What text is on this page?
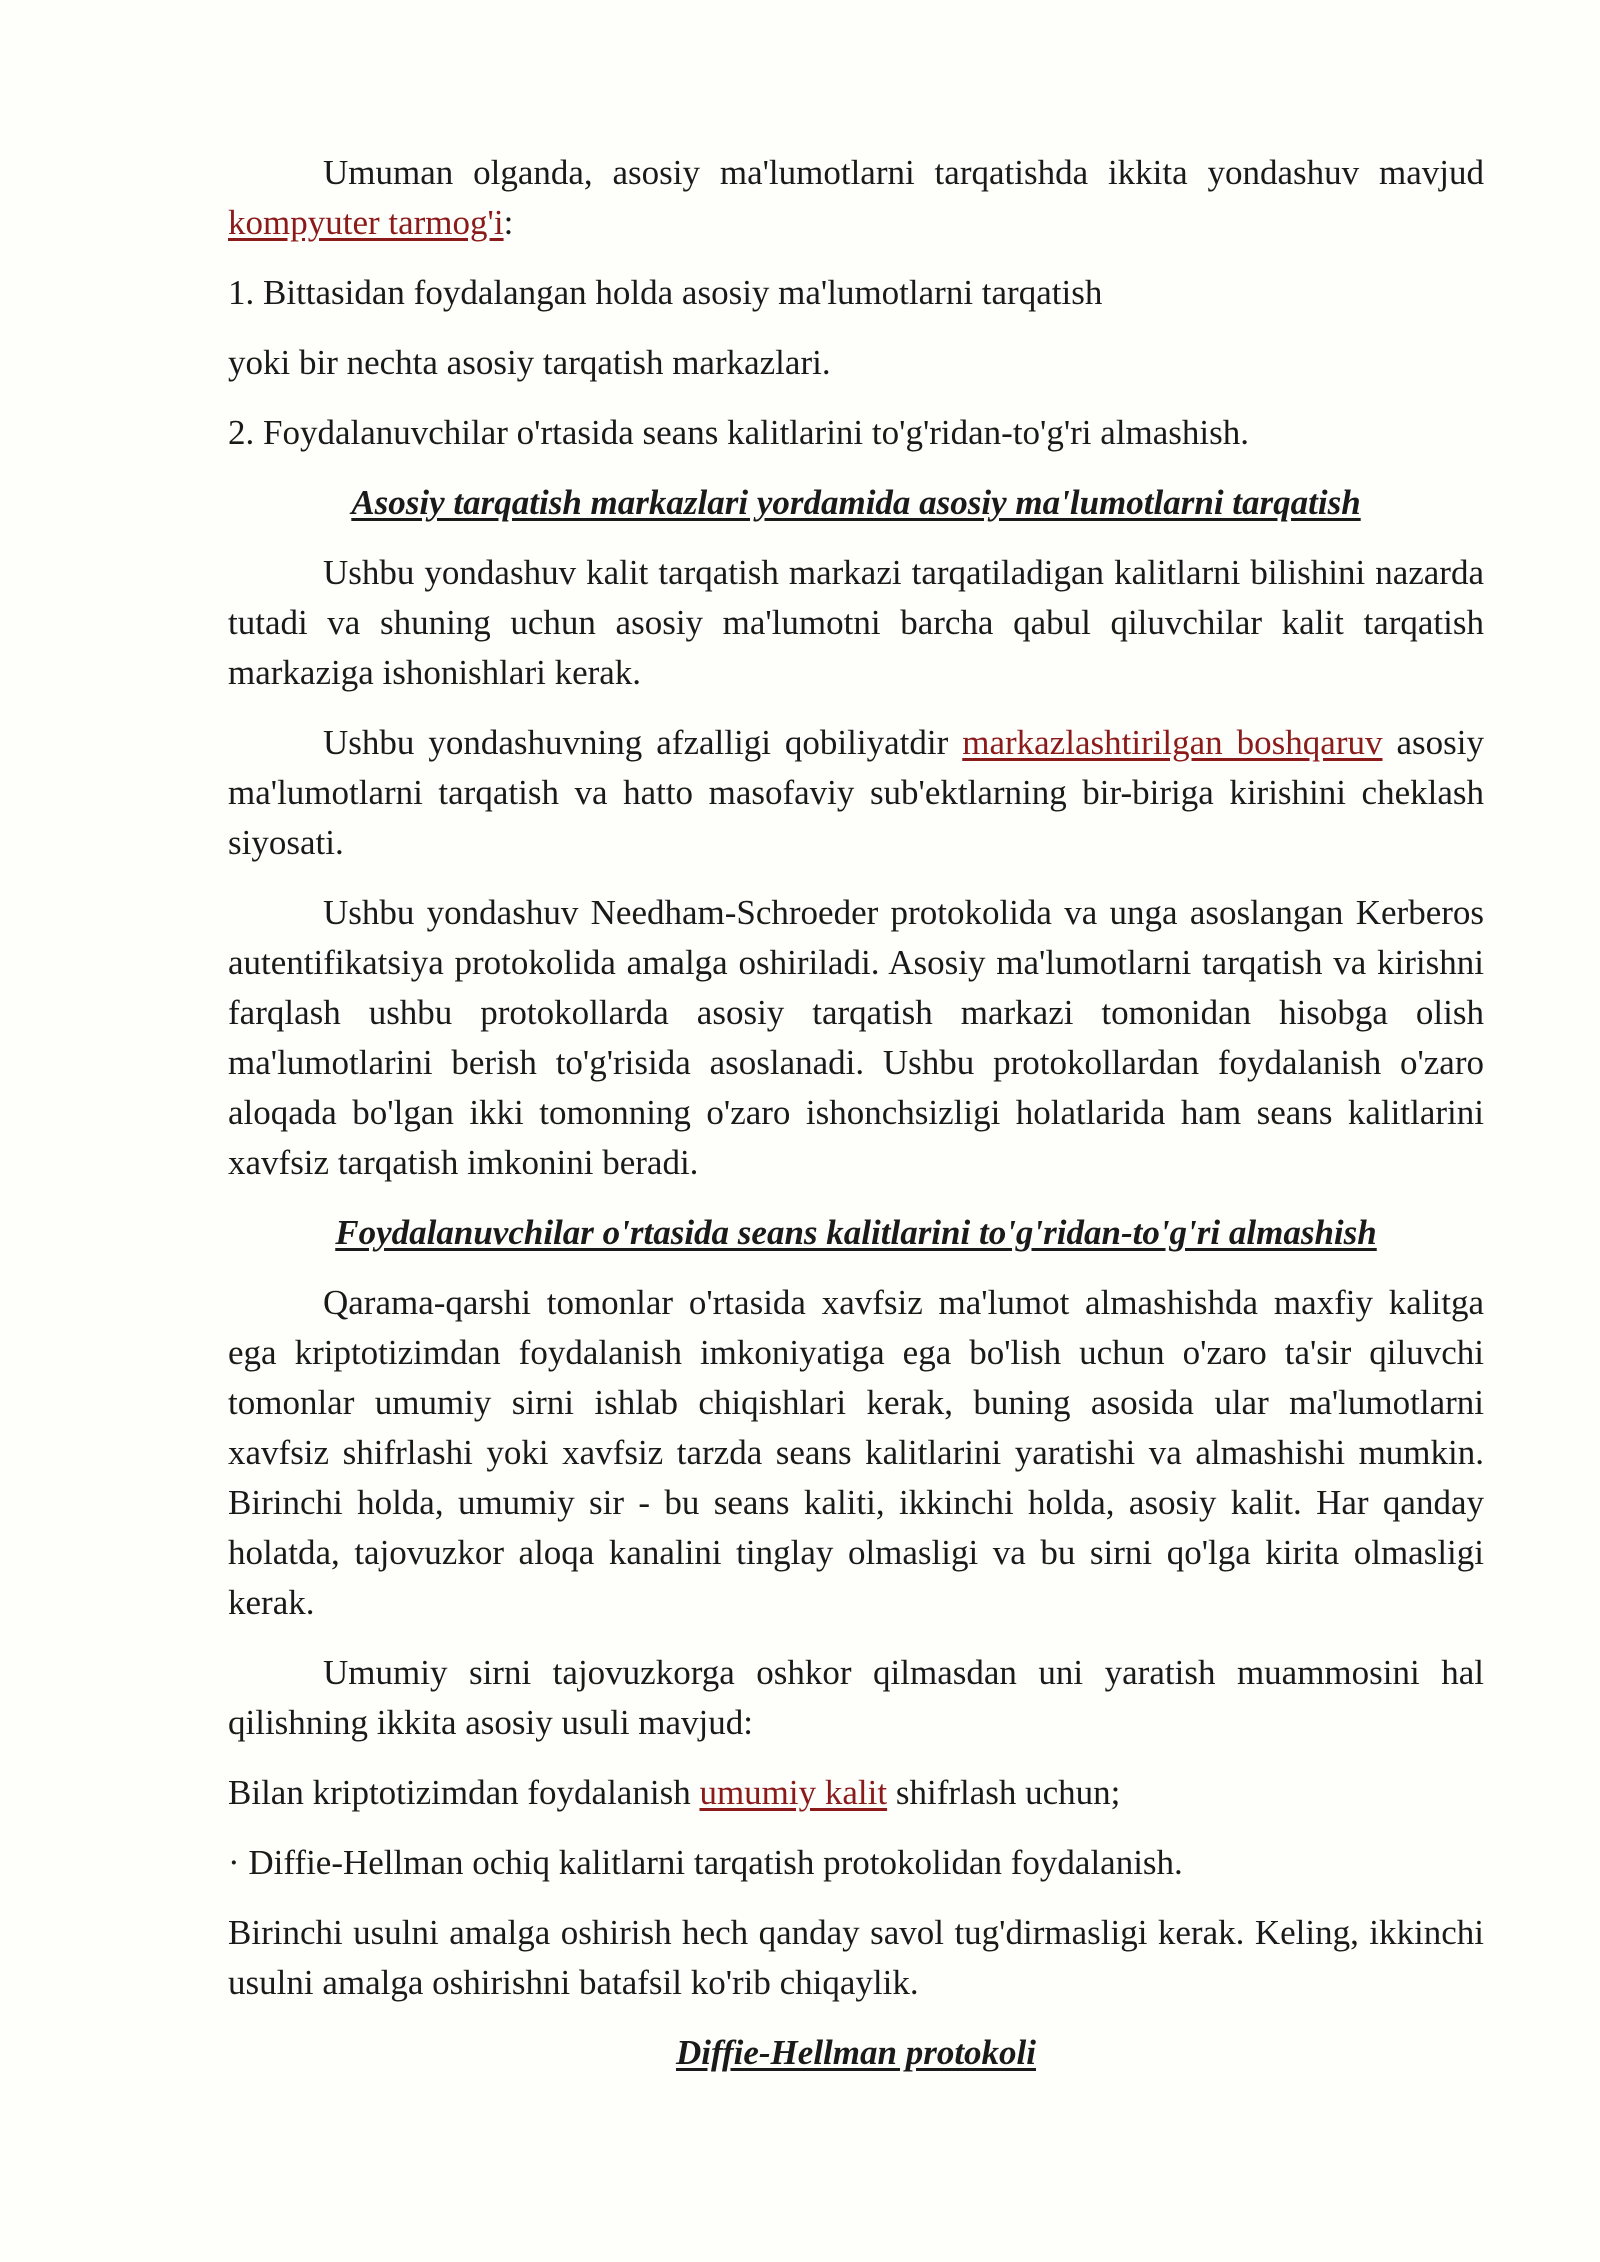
Umuman olganda, asosiy ma'lumotlarni tarqatishda ikkita yondashuv mavjud kompyuter tarmog'i:

1. Bittasidan foydalangan holda asosiy ma'lumotlarni tarqatish

yoki bir nechta asosiy tarqatish markazlari.

2. Foydalanuvchilar o'rtasida seans kalitlarini to'g'ridan-to'g'ri almashish.

Asosiy tarqatish markazlari yordamida asosiy ma'lumotlarni tarqatish

Ushbu yondashuv kalit tarqatish markazi tarqatiladigan kalitlarni bilishini nazarda tutadi va shuning uchun asosiy ma'lumotni barcha qabul qiluvchilar kalit tarqatish markaziga ishonishlari kerak.

Ushbu yondashuvning afzalligi qobiliyatdir markazlashtirilgan boshqaruv asosiy ma'lumotlarni tarqatish va hatto masofaviy sub'ektlarning bir-biriga kirishini cheklash siyosati.

Ushbu yondashuv Needham-Schroeder protokolida va unga asoslangan Kerberos autentifikatsiya protokolida amalga oshiriladi. Asosiy ma'lumotlarni tarqatish va kirishni farqlash ushbu protokollarda asosiy tarqatish markazi tomonidan hisobga olish ma'lumotlarini berish to'g'risida asoslanadi. Ushbu protokollardan foydalanish o'zaro aloqada bo'lgan ikki tomonning o'zaro ishonchsizligi holatlarida ham seans kalitlarini xavfsiz tarqatish imkonini beradi.

Foydalanuvchilar o'rtasida seans kalitlarini to'g'ridan-to'g'ri almashish

Qarama-qarshi tomonlar o'rtasida xavfsiz ma'lumot almashishda maxfiy kalitga ega kriptotizimdan foydalanish imkoniyatiga ega bo'lish uchun o'zaro ta'sir qiluvchi tomonlar umumiy sirni ishlab chiqishlari kerak, buning asosida ular ma'lumotlarni xavfsiz shifrlashi yoki xavfsiz tarzda seans kalitlarini yaratishi va almashishi mumkin. Birinchi holda, umumiy sir - bu seans kaliti, ikkinchi holda, asosiy kalit. Har qanday holatda, tajovuzkor aloqa kanalini tinglay olmasligi va bu sirni qo'lga kirita olmasligi kerak.

Umumiy sirni tajovuzkorga oshkor qilmasdan uni yaratish muammosini hal qilishning ikkita asosiy usuli mavjud:

Bilan kriptotizimdan foydalanish umumiy kalit shifrlash uchun;

· Diffie-Hellman ochiq kalitlarni tarqatish protokolidan foydalanish.

Birinchi usulni amalga oshirish hech qanday savol tug'dirmasligi kerak. Keling, ikkinchi usulni amalga oshirishni batafsil ko'rib chiqaylik.

Diffie-Hellman protokoli
